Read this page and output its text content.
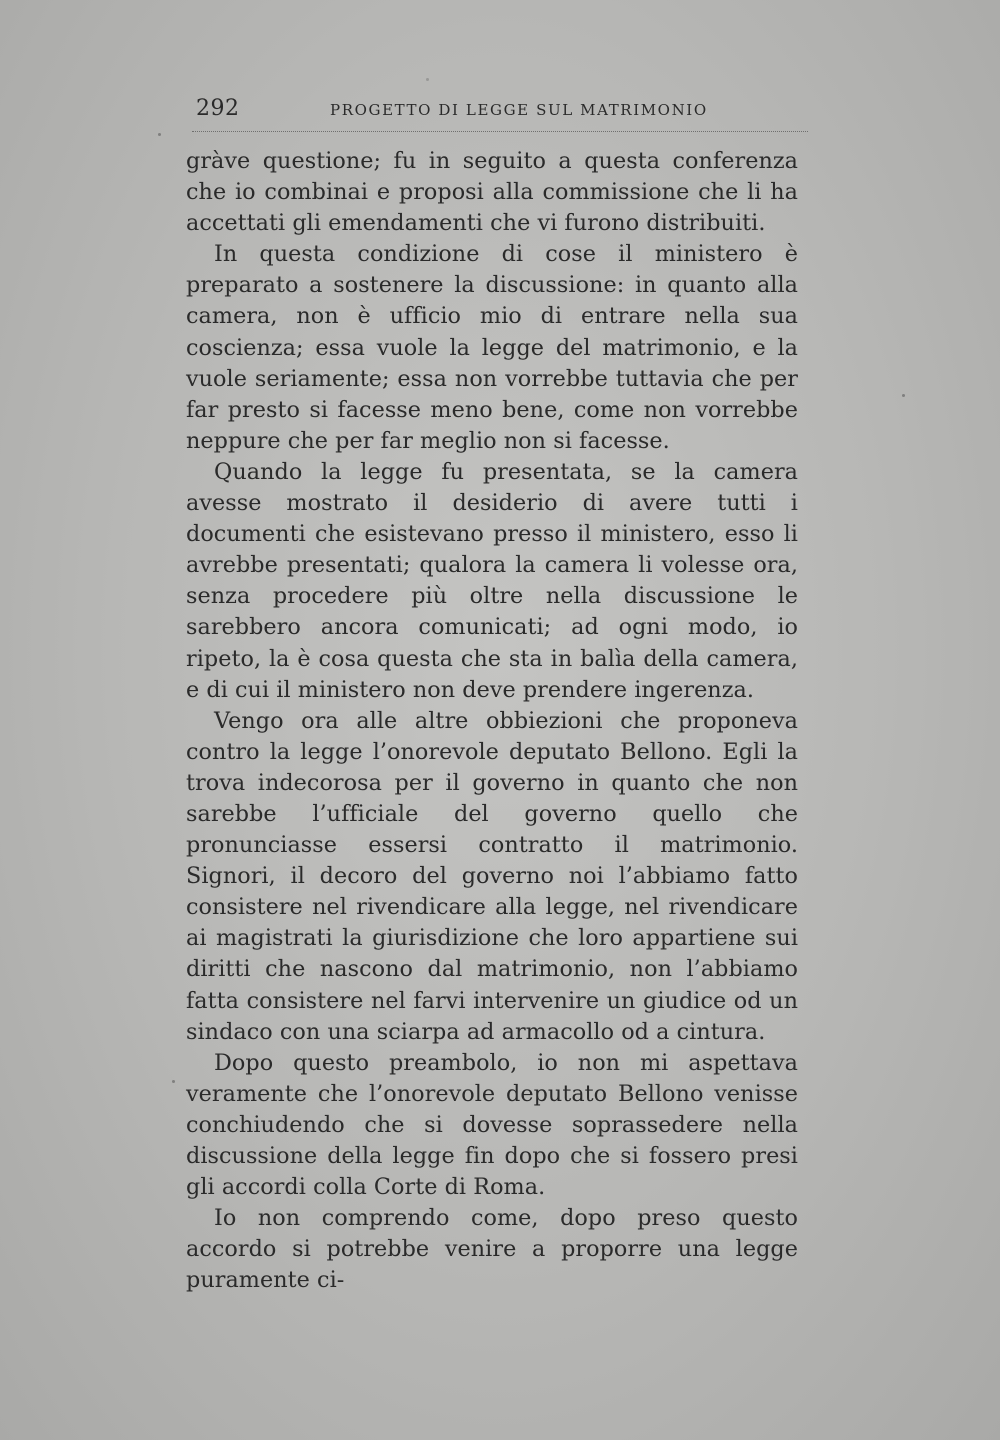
292	PROGETTO DI LEGGE SUL MATRIMONIO

gràve questione; fu in seguito a questa conferenza che io combinai e proposi alla commissione che li ha accettati gli emendamenti che vi furono distribuiti.

In questa condizione di cose il ministero è preparato a sostenere la discussione: in quanto alla camera, non è ufficio mio di entrare nella sua coscienza; essa vuole la legge del matrimonio, e la vuole seriamente; essa non vorrebbe tuttavia che per far presto si facesse meno bene, come non vorrebbe neppure che per far meglio non si facesse.

Quando la legge fu presentata, se la camera avesse mostrato il desiderio di avere tutti i documenti che esistevano presso il ministero, esso li avrebbe presentati; qualora la camera li volesse ora, senza procedere più oltre nella discussione le sarebbero ancora comunicati; ad ogni modo, io ripeto, la è cosa questa che sta in balìa della camera, e di cui il ministero non deve prendere ingerenza.

Vengo ora alle altre obbiezioni che proponeva contro la legge l’onorevole deputato Bellono. Egli la trova indecorosa per il governo in quanto che non sarebbe l’ufficiale del governo quello che pronunciasse essersi contratto il matrimonio. Signori, il decoro del governo noi l’abbiamo fatto consistere nel rivendicare alla legge, nel rivendicare ai magistrati la giurisdizione che loro appartiene sui diritti che nascono dal matrimonio, non l’abbiamo fatta consistere nel farvi intervenire un giudice od un sindaco con una sciarpa ad armacollo od a cintura.

Dopo questo preambolo, io non mi aspettava veramente che l’onorevole deputato Bellono venisse conchiudendo che si dovesse soprassedere nella discussione della legge fin dopo che si fossero presi gli accordi colla Corte di Roma.

Io non comprendo come, dopo preso questo accordo si potrebbe venire a proporre una legge puramente ci-
